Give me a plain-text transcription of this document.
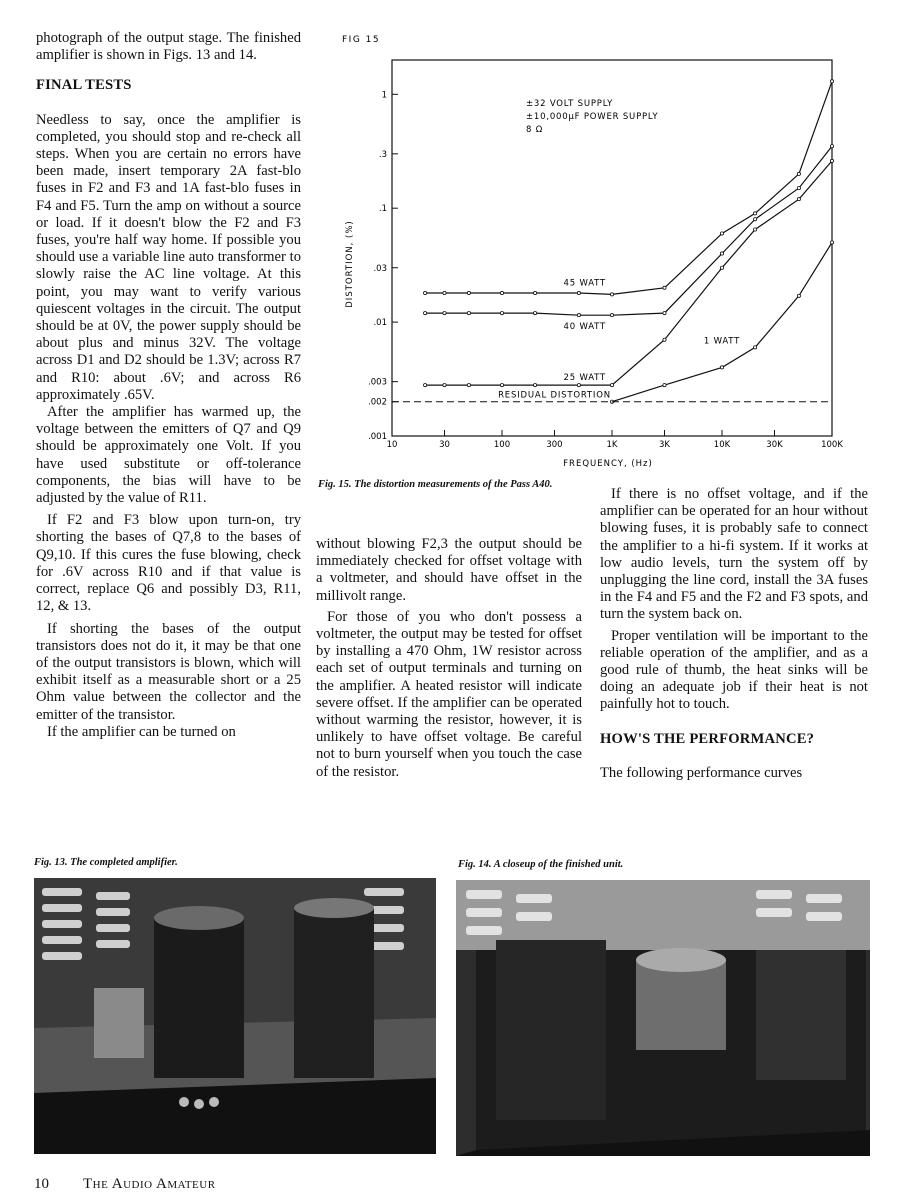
photograph of the output stage. The finished amplifier is shown in Figs. 13 and 14.

FINAL TESTS

Needless to say, once the amplifier is completed, you should stop and re-check all steps. When you are certain no errors have been made, insert temporary 2A fast-blo fuses in F2 and F3 and 1A fast-blo fuses in F4 and F5. Turn the amp on without a source or load. If it doesn't blow the F2 and F3 fuses, you're half way home. If possible you should use a variable line auto transformer to slowly raise the AC line voltage. At this point, you may want to verify various quiescent voltages in the circuit. The output should be at 0V, the power supply should be about plus and minus 32V. The voltage across D1 and D2 should be 1.3V; across R7 and R10: about .6V; and across R6 approximately .65V.

After the amplifier has warmed up, the voltage between the emitters of Q7 and Q9 should be approximately one Volt. If you have used substitute or off-tolerance components, the bias will have to be adjusted by the value of R11.

If F2 and F3 blow upon turn-on, try shorting the bases of Q7,8 to the bases of Q9,10. If this cures the fuse blowing, check for .6V across R10 and if that value is correct, replace Q6 and possibly D3, R11, 12, & 13.

If shorting the bases of the output transistors does not do it, it may be that one of the output transistors is blown, which will exhibit itself as a measurable short or a 25 Ohm value between the collector and the emitter of the transistor.

If the amplifier can be turned on

FIG 15
.001
.002
.003
.01
.03
.1
.3
1
10	30	100	300	1K	3K	10K	30K	100K
±32 VOLT SUPPLY
±10,000µF POWER SUPPLY
8 Ω
45 WATT
40 WATT
25 WATT
1 WATT
RESIDUAL DISTORTION
DISTORTION, (%)
FREQUENCY, (Hz)
Fig. 15. The distortion measurements of the Pass A40.

without blowing F2,3 the output should be immediately checked for offset voltage with a voltmeter, and should have offset in the millivolt range.

For those of you who don't possess a voltmeter, the output may be tested for offset by installing a 470 Ohm, 1W resistor across each set of output terminals and turning on the amplifier. A heated resistor will indicate severe offset. If the amplifier can be operated without warming the resistor, however, it is unlikely to have offset voltage. Be careful not to burn yourself when you touch the case of the resistor.

If there is no offset voltage, and if the amplifier can be operated for an hour without blowing fuses, it is probably safe to connect the amplifier to a hi-fi system. If it works at low audio levels, turn the system off by unplugging the line cord, install the 3A fuses in the F4 and F5 and the F2 and F3 spots, and turn the system back on.

Proper ventilation will be important to the reliable operation of the amplifier, and as a good rule of thumb, the heat sinks will be doing an adequate job if their heat is not painfully hot to touch.

HOW'S THE PERFORMANCE?

The following performance curves

Fig. 13. The completed amplifier.	Fig. 14. A closeup of the finished unit.
10 The Audio Amateur
